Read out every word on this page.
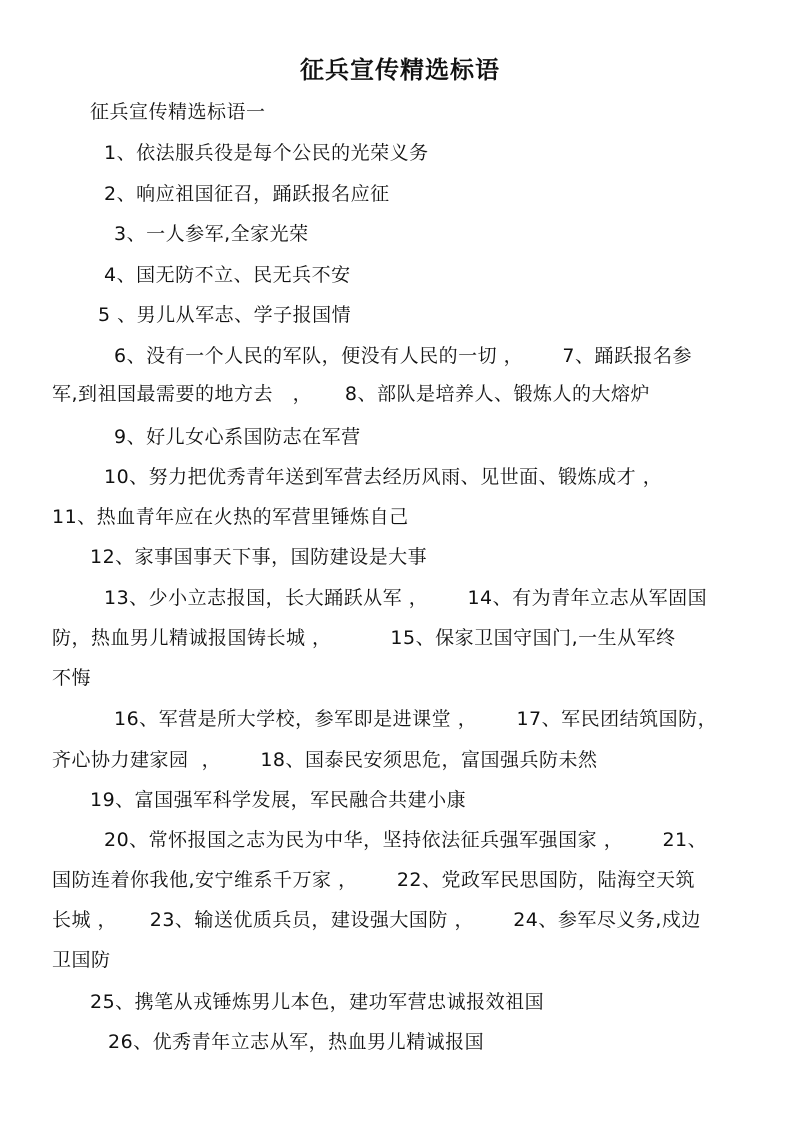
征兵宣传精选标语
征兵宣传精选标语一
1、依法服兵役是每个公民的光荣义务
2、响应祖国征召，踊跃报名应征
3、一人参军,全家光荣
4、国无防不立、民无兵不安
5 、男儿从军志、学子报国情
6、没有一个人民的军队，便没有人民的一切 ，      7、踊跃报名参
军,到祖国最需要的地方去   ，     8、部队是培养人、锻炼人的大熔炉
9、好儿女心系国防志在军营
10、努力把优秀青年送到军营去经历风雨、见世面、锻炼成才 ，
11、热血青年应在火热的军营里锤炼自己
12、家事国事天下事，国防建设是大事
13、少小立志报国，长大踊跃从军 ，      14、有为青年立志从军固国
防，热血男儿精诚报国铸长城 ，         15、保家卫国守国门,一生从军终
不悔
16、军营是所大学校，参军即是进课堂 ，      17、军民团结筑国防，
齐心协力建家园  ，      18、国泰民安须思危，富国强兵防未然
19、富国强军科学发展，军民融合共建小康
20、常怀报国之志为民为中华，坚持依法征兵强军强国家 ，      21、
国防连着你我他,安宁维系千万家 ，      22、党政军民思国防，陆海空天筑
长城 ，     23、输送优质兵员，建设强大国防 ，      24、参军尽义务,戍边
卫国防
25、携笔从戎锤炼男儿本色，建功军营忠诚报效祖国
26、优秀青年立志从军，热血男儿精诚报国
